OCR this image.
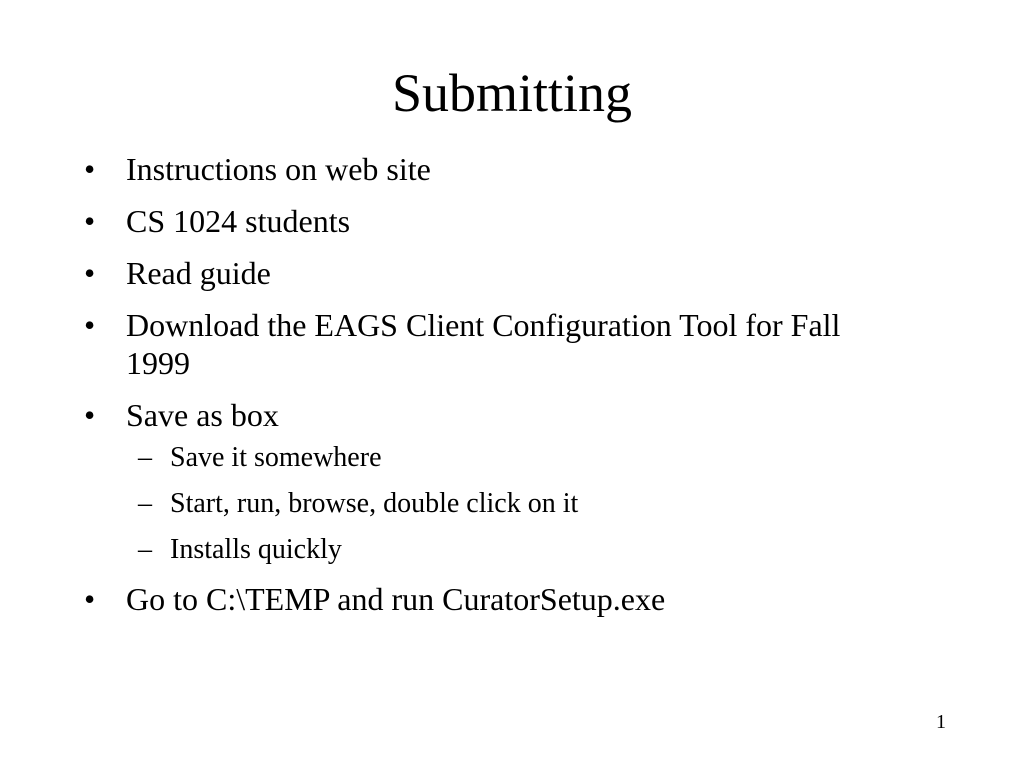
Submitting
• Instructions on web site
• CS 1024 students
• Read guide
• Download the EAGS Client Configuration Tool for Fall 1999
• Save as box
– Save it somewhere
– Start, run, browse, double click on it
– Installs quickly
• Go to C:\TEMP and run CuratorSetup.exe
1
